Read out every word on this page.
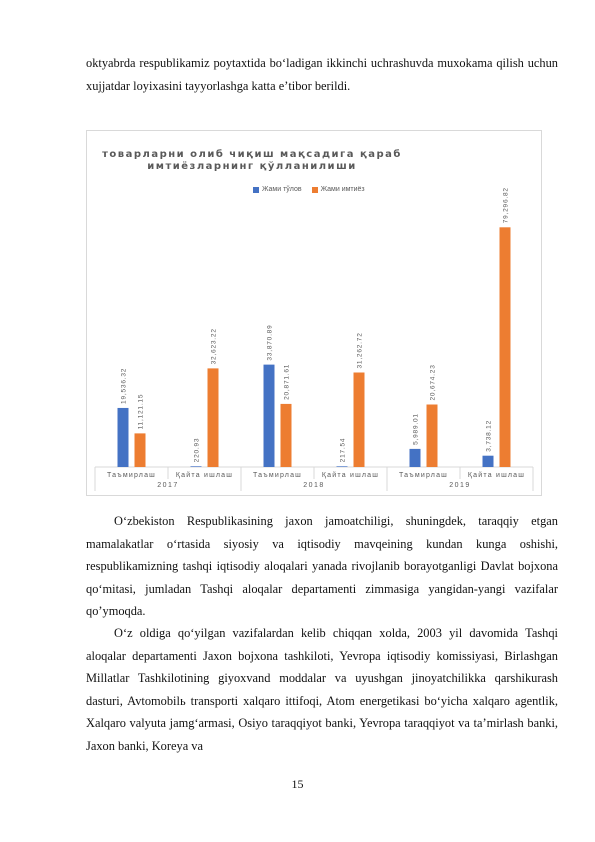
oktyabrda respublikamiz poytaxtida boʻladigan ikkinchi uchrashuvda muxokama qilish uchun xujjatdar loyixasini tayyorlashga katta eʼtibor berildi.

товарларни олиб чиқиш мақсадига қараб
имтиёзларнинг қўлланилиши
Жами тўлов	Жами имтиёз
19,536.32
11,121.15
Таъмирлаш
220.93
32,623.22
Қайта ишлаш
33,870.89
20,871.61
Таъмирлаш
217.54
31,262.72
Қайта ишлаш
5,989.01
20,674.23
Таъмирлаш
3,738.12
79,296.82
Қайта ишлаш
2017	2018	2019

Oʻzbekiston Respublikasining jaxon jamoatchiligi, shuningdek, taraqqiy etgan mamalakatlar oʻrtasida siyosiy va iqtisodiy mavqeining kundan kunga oshishi, respublikamizning tashqi iqtisodiy aloqalari yanada rivojlanib borayotganligi Davlat bojxona qoʻmitasi, jumladan Tashqi aloqalar departamenti zimmasiga yangidan-yangi vazifalar qoʼymoqda.

Oʻz oldiga qoʻyilgan vazifalardan kelib chiqqan xolda, 2003 yil davomida Tashqi aloqalar departamenti Jaxon bojxona tashkiloti, Yevropa iqtisodiy komissiyasi, Birlashgan Millatlar Tashkilotining giyoxvand moddalar va uyushgan jinoyatchilikka qarshikurash dasturi, Avtomobilь transporti xalqaro ittifoqi, Atom energetikasi boʻyicha xalqaro agentlik, Xalqaro valyuta jamgʻarmasi, Osiyo taraqqiyot banki, Yevropa taraqqiyot va taʼmirlash banki, Jaxon banki, Koreya va

15
